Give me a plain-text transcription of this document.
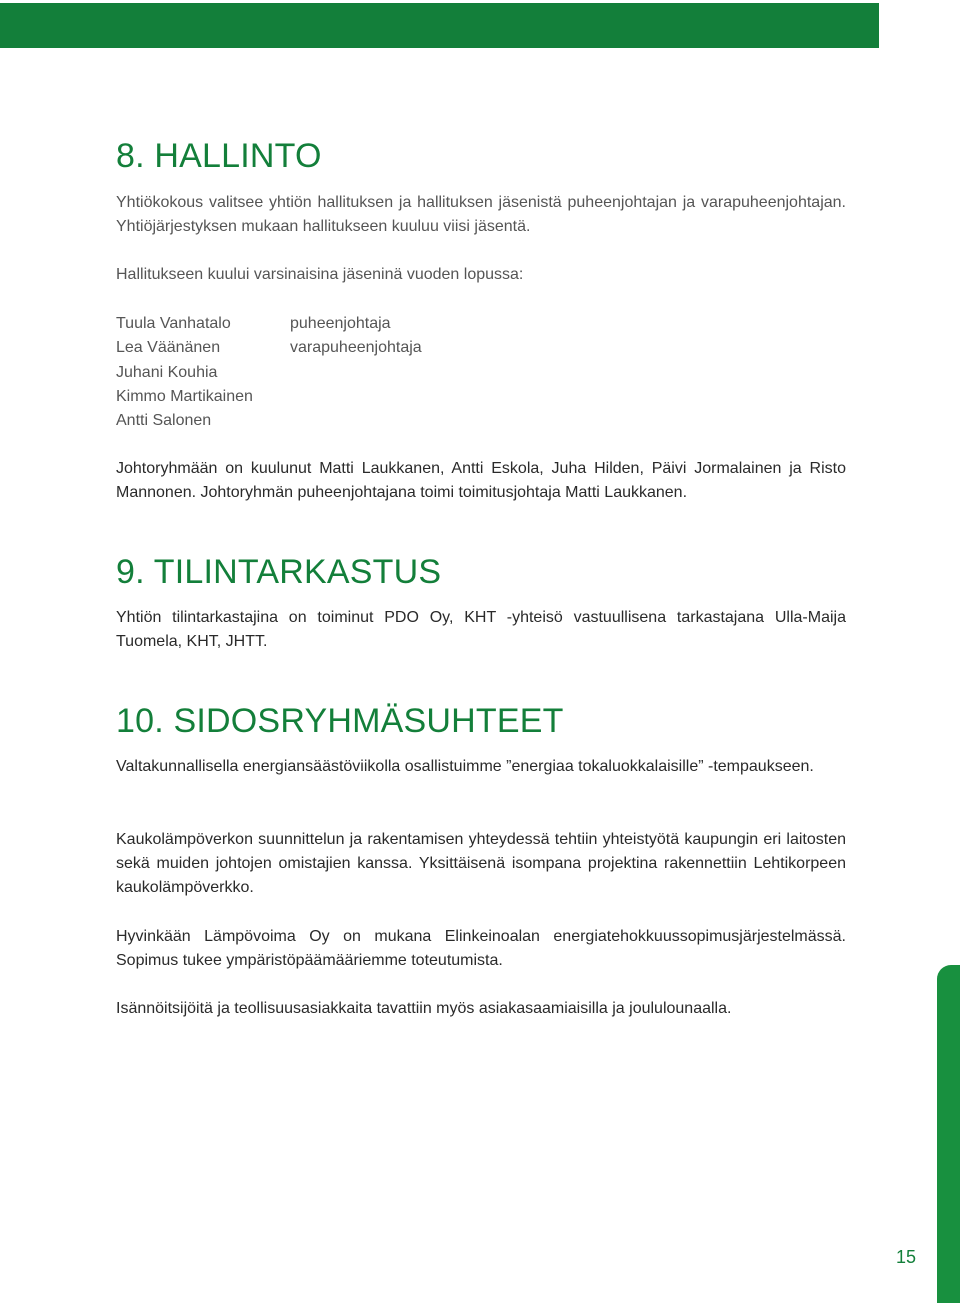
8. HALLINTO

Yhtiökokous valitsee yhtiön hallituksen ja hallituksen jäsenistä puheenjohtajan ja varapuheenjohtajan. Yhtiöjärjestyksen mukaan hallitukseen kuuluu viisi jäsentä.

Hallitukseen kuului varsinaisina jäseninä vuoden lopussa:

Tuula Vanhatalo	puheenjohtaja
Lea Väänänen	varapuheenjohtaja
Juhani Kouhia
Kimmo Martikainen
Antti Salonen

Johtoryhmään on kuulunut Matti Laukkanen, Antti Eskola, Juha Hilden, Päivi Jormalainen ja Risto Mannonen. Johtoryhmän puheenjohtajana toimi toimitusjohtaja Matti Laukkanen.

9. TILINTARKASTUS

Yhtiön tilintarkastajina on toiminut PDO Oy, KHT -yhteisö vastuullisena tarkastajana Ulla-Maija Tuomela, KHT, JHTT.

10. SIDOSRYHMÄSUHTEET

Valtakunnallisella energiansäästöviikolla osallistuimme ”energiaa tokaluokkalaisille” -tempaukseen.

Kaukolämpöverkon suunnittelun ja rakentamisen yhteydessä tehtiin yhteistyötä kaupungin eri laitosten sekä muiden johtojen omistajien kanssa. Yksittäisenä isompana projektina rakennettiin Lehtikorpeen kaukolämpöverkko.

Hyvinkään Lämpövoima Oy on mukana Elinkeinoalan energiatehokkuussopimusjärjestelmässä. Sopimus tukee ympäristöpäämääriemme toteutumista.

Isännöitsijöitä ja teollisuusasiakkaita tavattiin myös asiakasaamiaisilla ja joululounaalla.

15
